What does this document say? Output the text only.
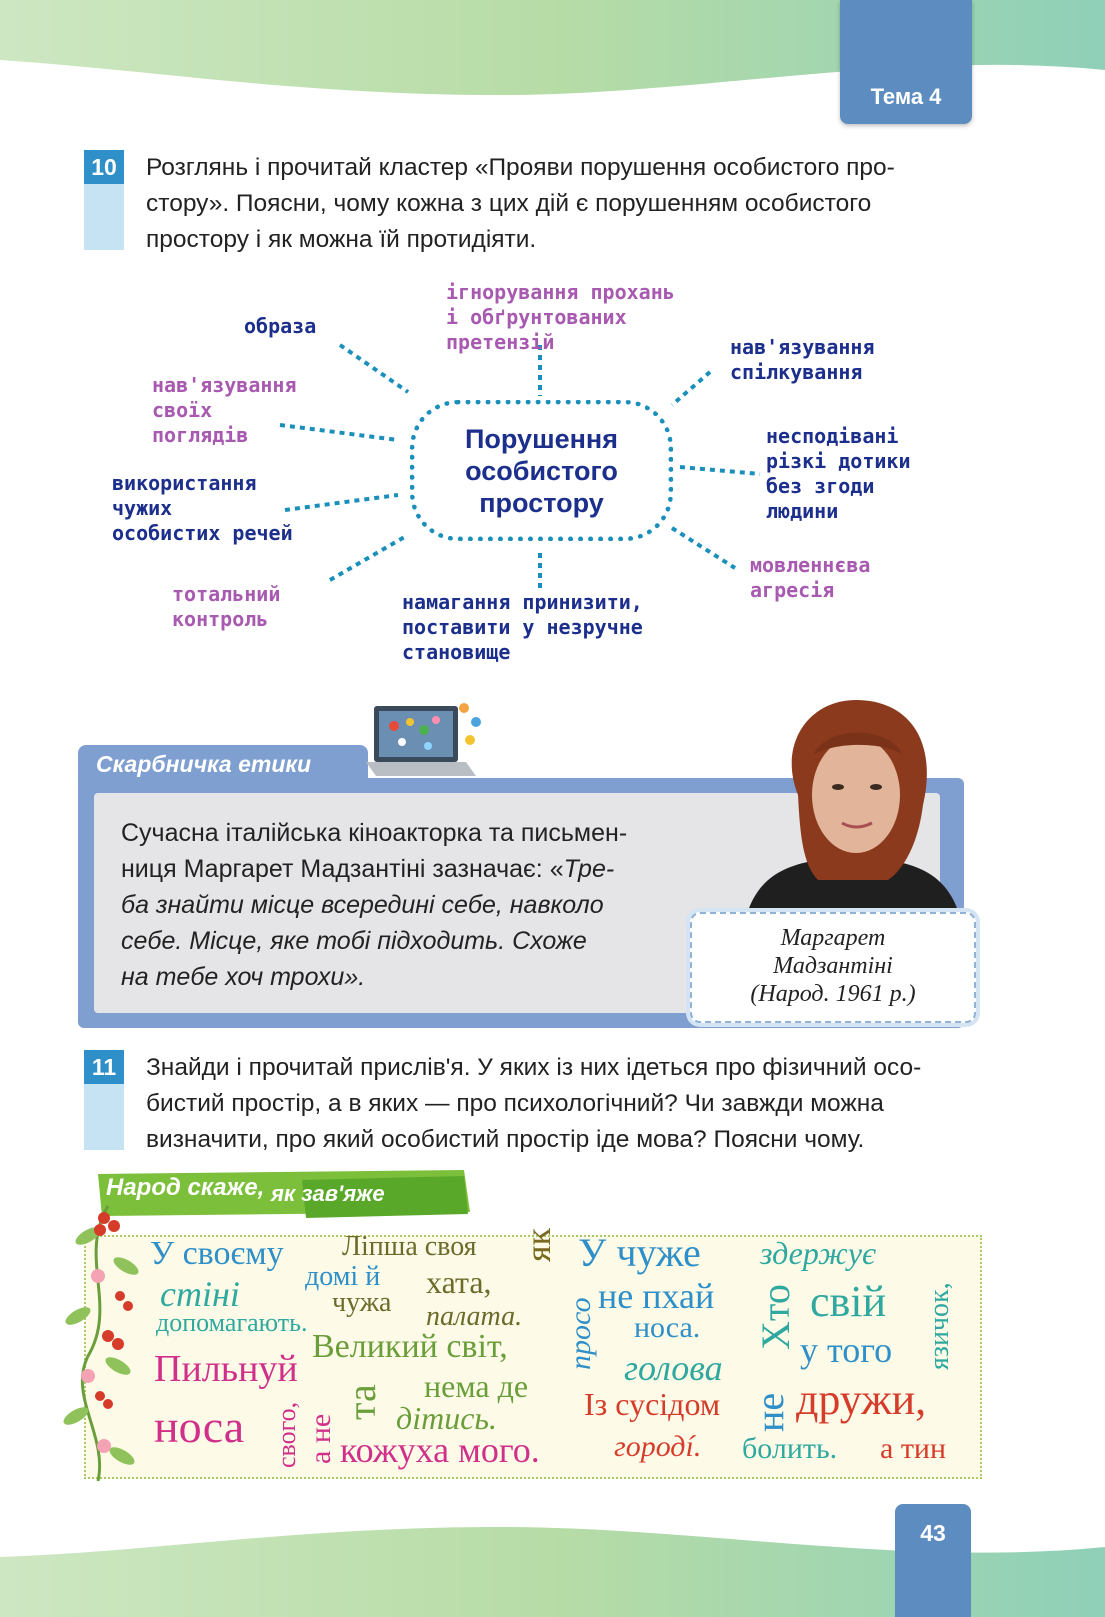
Тема 4
10 Розглянь і прочитай кластер «Прояви порушення особистого про-
стору». Поясни, чому кожна з цих дій є порушенням особистого
простору і як можна їй протидіяти.
Порушення
особистого
простору
ігнорування прохань
і обґрунтованих
претензій
образа
нав'язування
спілкування
нав'язування
своїх
поглядів	несподівані
різкі дотики
без згоди
людини
використання
чужих
особистих речей
мовленнєва
агресія
тотальний
контроль
намагання принизити,
поставити у незручне
становище
Скарбничка етики
Сучасна італійська кіноакторка та письмен-
ниця Маргарет Мадзантіні зазначає: «Тре-
ба знайти місце всередині себе, навколо
себе. Місце, яке тобі підходить. Схоже
на тебе хоч трохи».
Маргарет
Мадзантіні
(Народ. 1961 р.)
11	Знайди і прочитай прислів'я. У яких із них ідеться про фізичний осо-
бистий простір, а в яких — про психологічний? Чи завжди можна
визначити, про який особистий простір іде мова? Поясни чому.
Народ скаже, як зав'яже
У своєму
стіні
допомагають.
домі й
Ліпша своя
хата,
чужа палата.
як У чуже
не пхай
носа.
просо
здержує
Хто свій язичок,
у того
Великий світ,
нема де
дітись.
голова
не
Пильнуй
носа свого, а не
та
кожуха мого.
Із сусідом дружи,
городí. болить. а тин
43
